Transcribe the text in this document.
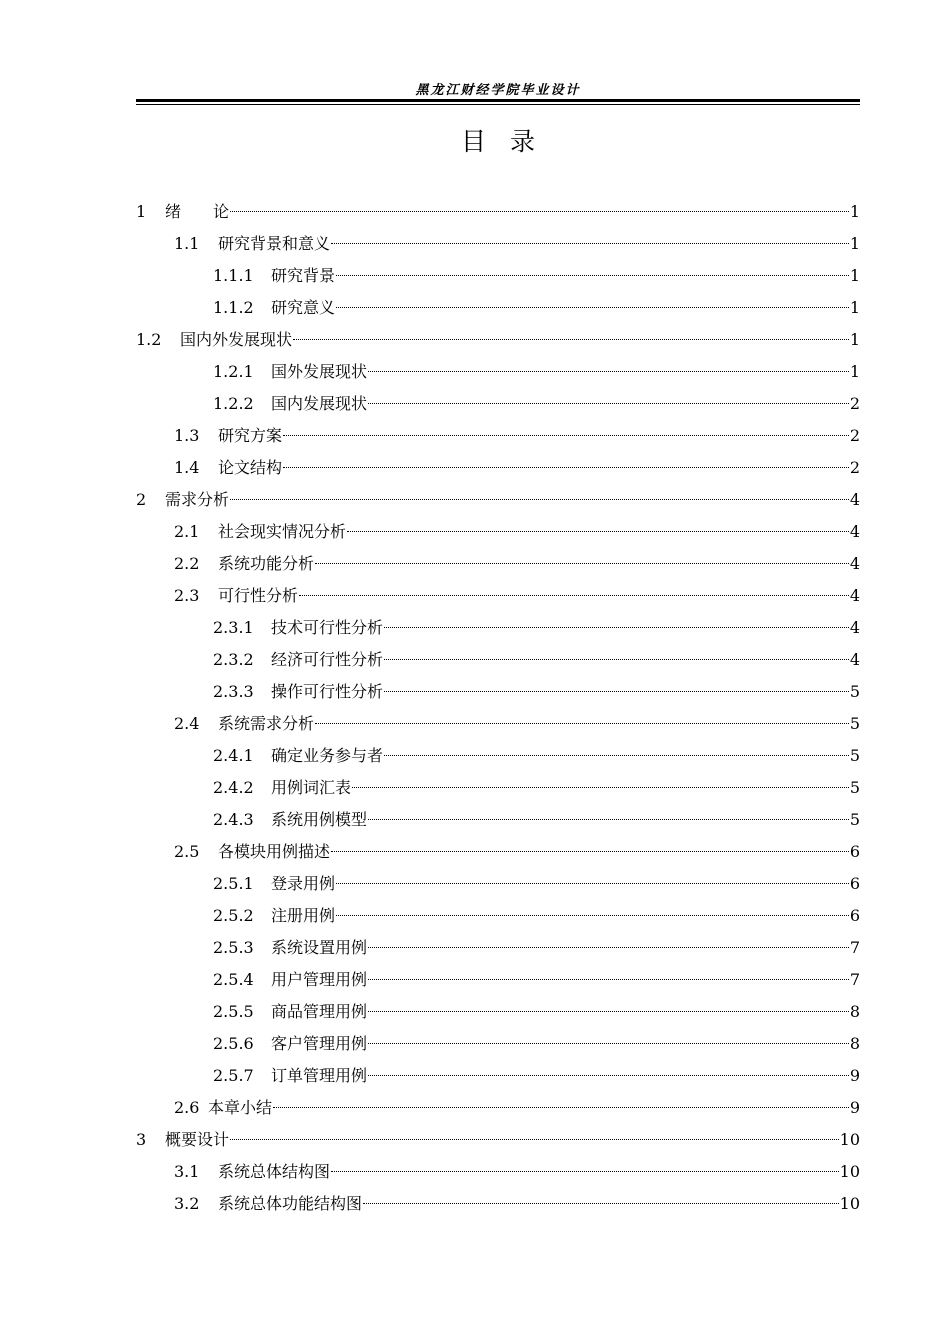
黑龙江财经学院毕业设计
目录
1	绪　　论	1
1.1	研究背景和意义	1
1.1.1	研究背景	1
1.1.2	研究意义	1
1.2	国内外发展现状	1
1.2.1	国外发展现状	1
1.2.2	国内发展现状	2
1.3	研究方案	2
1.4	论文结构	2
2	需求分析	4
2.1	社会现实情况分析	4
2.2	系统功能分析	4
2.3	可行性分析	4
2.3.1	技术可行性分析	4
2.3.2	经济可行性分析	4
2.3.3	操作可行性分析	5
2.4	系统需求分析	5
2.4.1	确定业务参与者	5
2.4.2	用例词汇表	5
2.4.3	系统用例模型	5
2.5	各模块用例描述	6
2.5.1	登录用例	6
2.5.2	注册用例	6
2.5.3	系统设置用例	7
2.5.4	用户管理用例	7
2.5.5	商品管理用例	8
2.5.6	客户管理用例	8
2.5.7	订单管理用例	9
2.6 本章小结	9
3	概要设计	10
3.1	系统总体结构图	10
3.2	系统总体功能结构图	10
